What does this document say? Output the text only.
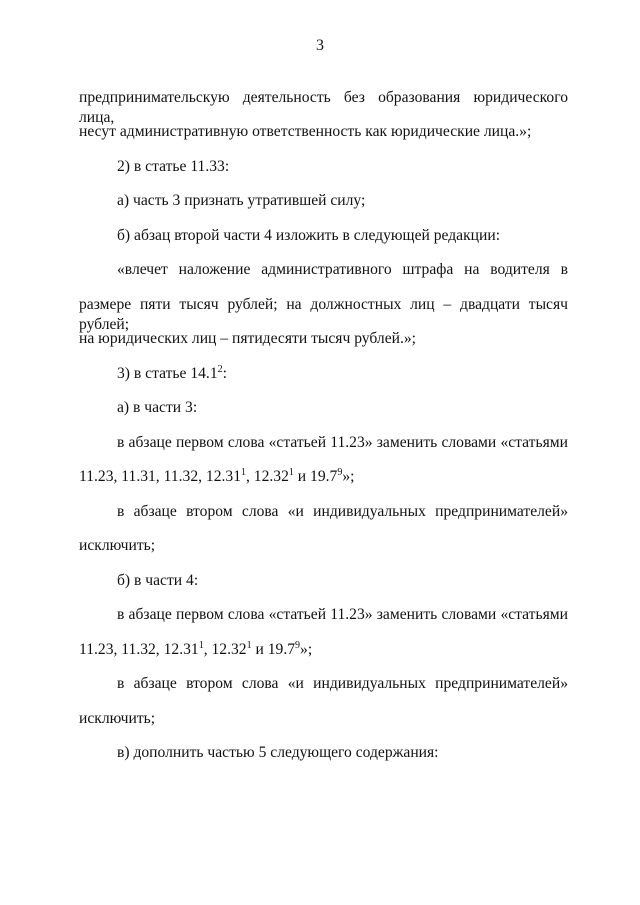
3
предпринимательскую деятельность без образования юридического лица,
несут административную ответственность как юридические лица.»;
2) в статье 11.33:
а) часть 3 признать утратившей силу;
б) абзац второй части 4 изложить в следующей редакции:
«влечет наложение административного штрафа на водителя в
размере пяти тысяч рублей; на должностных лиц – двадцати тысяч рублей;
на юридических лиц – пятидесяти тысяч рублей.»;
3) в статье 14.1$^2$:
а) в части 3:
в абзаце первом слова «статьей 11.23» заменить словами «статьями
11.23, 11.31, 11.32, 12.31$^1$, 12.32$^1$ и 19.7$^9$»;
в абзаце втором слова «и индивидуальных предпринимателей»
исключить;
б) в части 4:
в абзаце первом слова «статьей 11.23» заменить словами «статьями
11.23, 11.32, 12.31$^1$, 12.32$^1$ и 19.7$^9$»;
в абзаце втором слова «и индивидуальных предпринимателей»
исключить;
в) дополнить частью 5 следующего содержания:
